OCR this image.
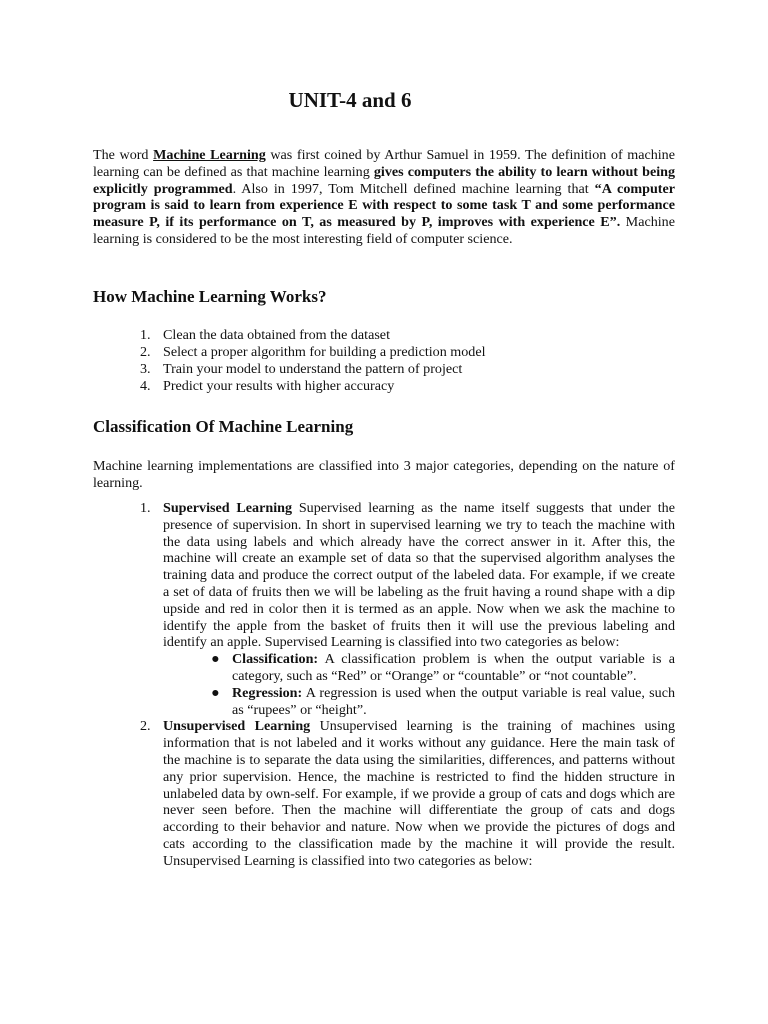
UNIT-4 and 6

The word Machine Learning was first coined by Arthur Samuel in 1959. The definition of machine learning can be defined as that machine learning gives computers the ability to learn without being explicitly programmed. Also in 1997, Tom Mitchell defined machine learning that “A computer program is said to learn from experience E with respect to some task T and some performance measure P, if its performance on T, as measured by P, improves with experience E”. Machine learning is considered to be the most interesting field of computer science.

How Machine Learning Works?
1. Clean the data obtained from the dataset
2. Select a proper algorithm for building a prediction model
3. Train your model to understand the pattern of project
4. Predict your results with higher accuracy
Classification Of Machine Learning

Machine learning implementations are classified into 3 major categories, depending on the nature of learning.

1. Supervised Learning Supervised learning as the name itself suggests that under the presence of supervision. In short in supervised learning we try to teach the machine with the data using labels and which already have the correct answer in it. After this, the machine will create an example set of data so that the supervised algorithm analyses the training data and produce the correct output of the labeled data. For example, if we create a set of data of fruits then we will be labeling as the fruit having a round shape with a dip upside and red in color then it is termed as an apple. Now when we ask the machine to identify the apple from the basket of fruits then it will use the previous labeling and identify an apple. Supervised Learning is classified into two categories as below:
● Classification: A classification problem is when the output variable is a category, such as “Red” or “Orange” or “countable” or “not countable”.
● Regression: A regression is used when the output variable is real value, such as “rupees” or “height”.
2. Unsupervised Learning Unsupervised learning is the training of machines using information that is not labeled and it works without any guidance. Here the main task of the machine is to separate the data using the similarities, differences, and patterns without any prior supervision. Hence, the machine is restricted to find the hidden structure in unlabeled data by own-self. For example, if we provide a group of cats and dogs which are never seen before. Then the machine will differentiate the group of cats and dogs according to their behavior and nature. Now when we provide the pictures of dogs and cats according to the classification made by the machine it will provide the result. Unsupervised Learning is classified into two categories as below:
